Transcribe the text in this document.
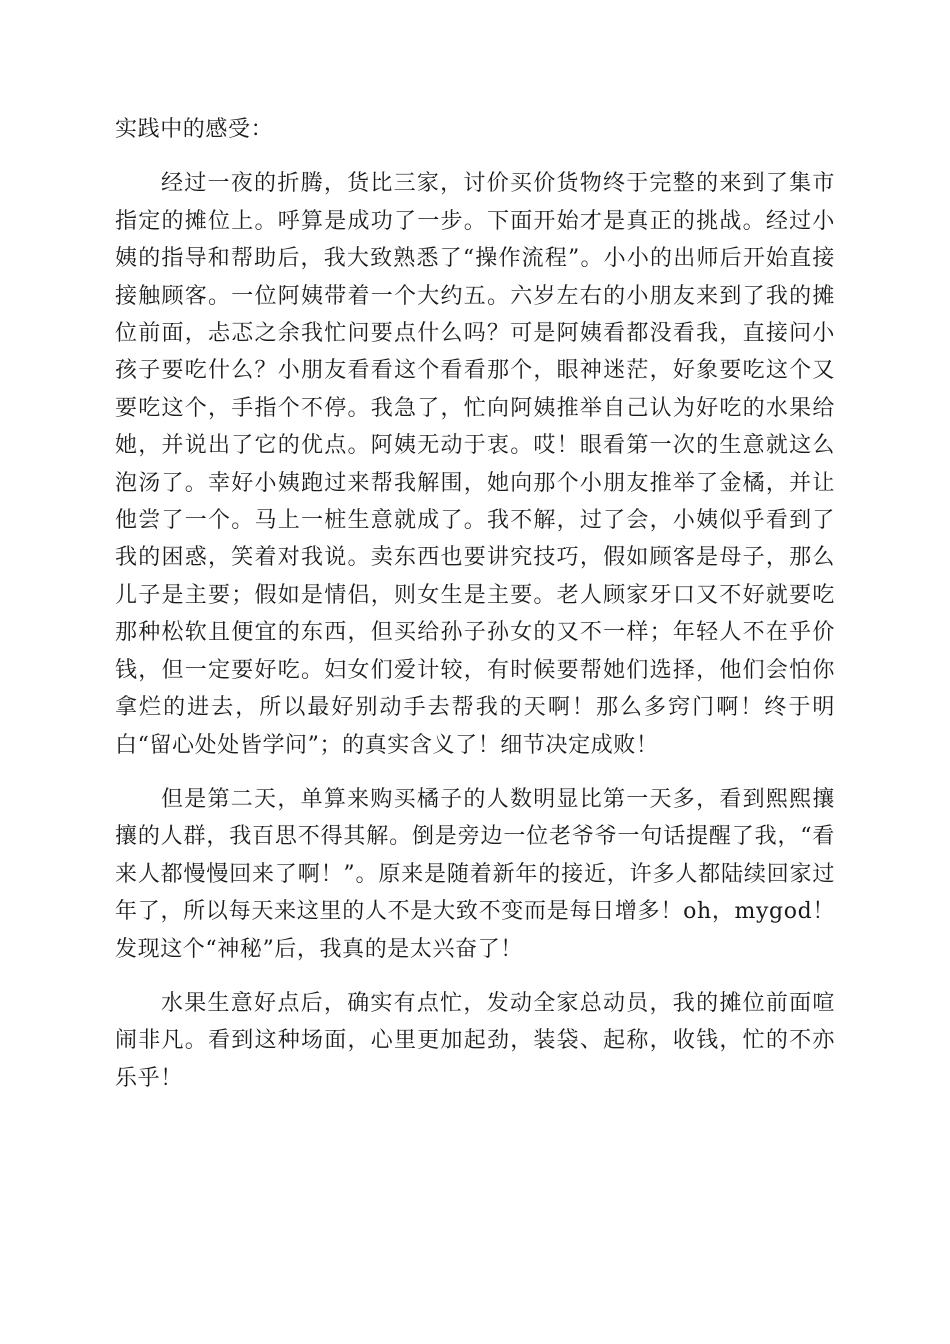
实践中的感受：

经过一夜的折腾，货比三家，讨价买价货物终于完整的来到了集市指定的摊位上。呼算是成功了一步。下面开始才是真正的挑战。经过小姨的指导和帮助后，我大致熟悉了“操作流程”。小小的出师后开始直接接触顾客。一位阿姨带着一个大约五。六岁左右的小朋友来到了我的摊位前面，忐忑之余我忙问要点什么吗？可是阿姨看都没看我，直接问小孩子要吃什么？小朋友看看这个看看那个，眼神迷茫，好象要吃这个又要吃这个，手指个不停。我急了，忙向阿姨推举自己认为好吃的水果给她，并说出了它的优点。阿姨无动于衷。哎！眼看第一次的生意就这么泡汤了。幸好小姨跑过来帮我解围，她向那个小朋友推举了金橘，并让他尝了一个。马上一桩生意就成了。我不解，过了会，小姨似乎看到了我的困惑，笑着对我说。卖东西也要讲究技巧，假如顾客是母子，那么儿子是主要；假如是情侣，则女生是主要。老人顾家牙口又不好就要吃那种松软且便宜的东西，但买给孙子孙女的又不一样；年轻人不在乎价钱，但一定要好吃。妇女们爱计较，有时候要帮她们选择，他们会怕你拿烂的进去，所以最好别动手去帮我的天啊！那么多窍门啊！终于明白“留心处处皆学问”；的真实含义了！细节决定成败！

但是第二天，单算来购买橘子的人数明显比第一天多，看到熙熙攘攘的人群，我百思不得其解。倒是旁边一位老爷爷一句话提醒了我，“看来人都慢慢回来了啊！”。原来是随着新年的接近，许多人都陆续回家过年了，所以每天来这里的人不是大致不变而是每日增多！oh，mygod！发现这个“神秘”后，我真的是太兴奋了！

水果生意好点后，确实有点忙，发动全家总动员，我的摊位前面喧闹非凡。看到这种场面，心里更加起劲，装袋、起称，收钱，忙的不亦乐乎！
